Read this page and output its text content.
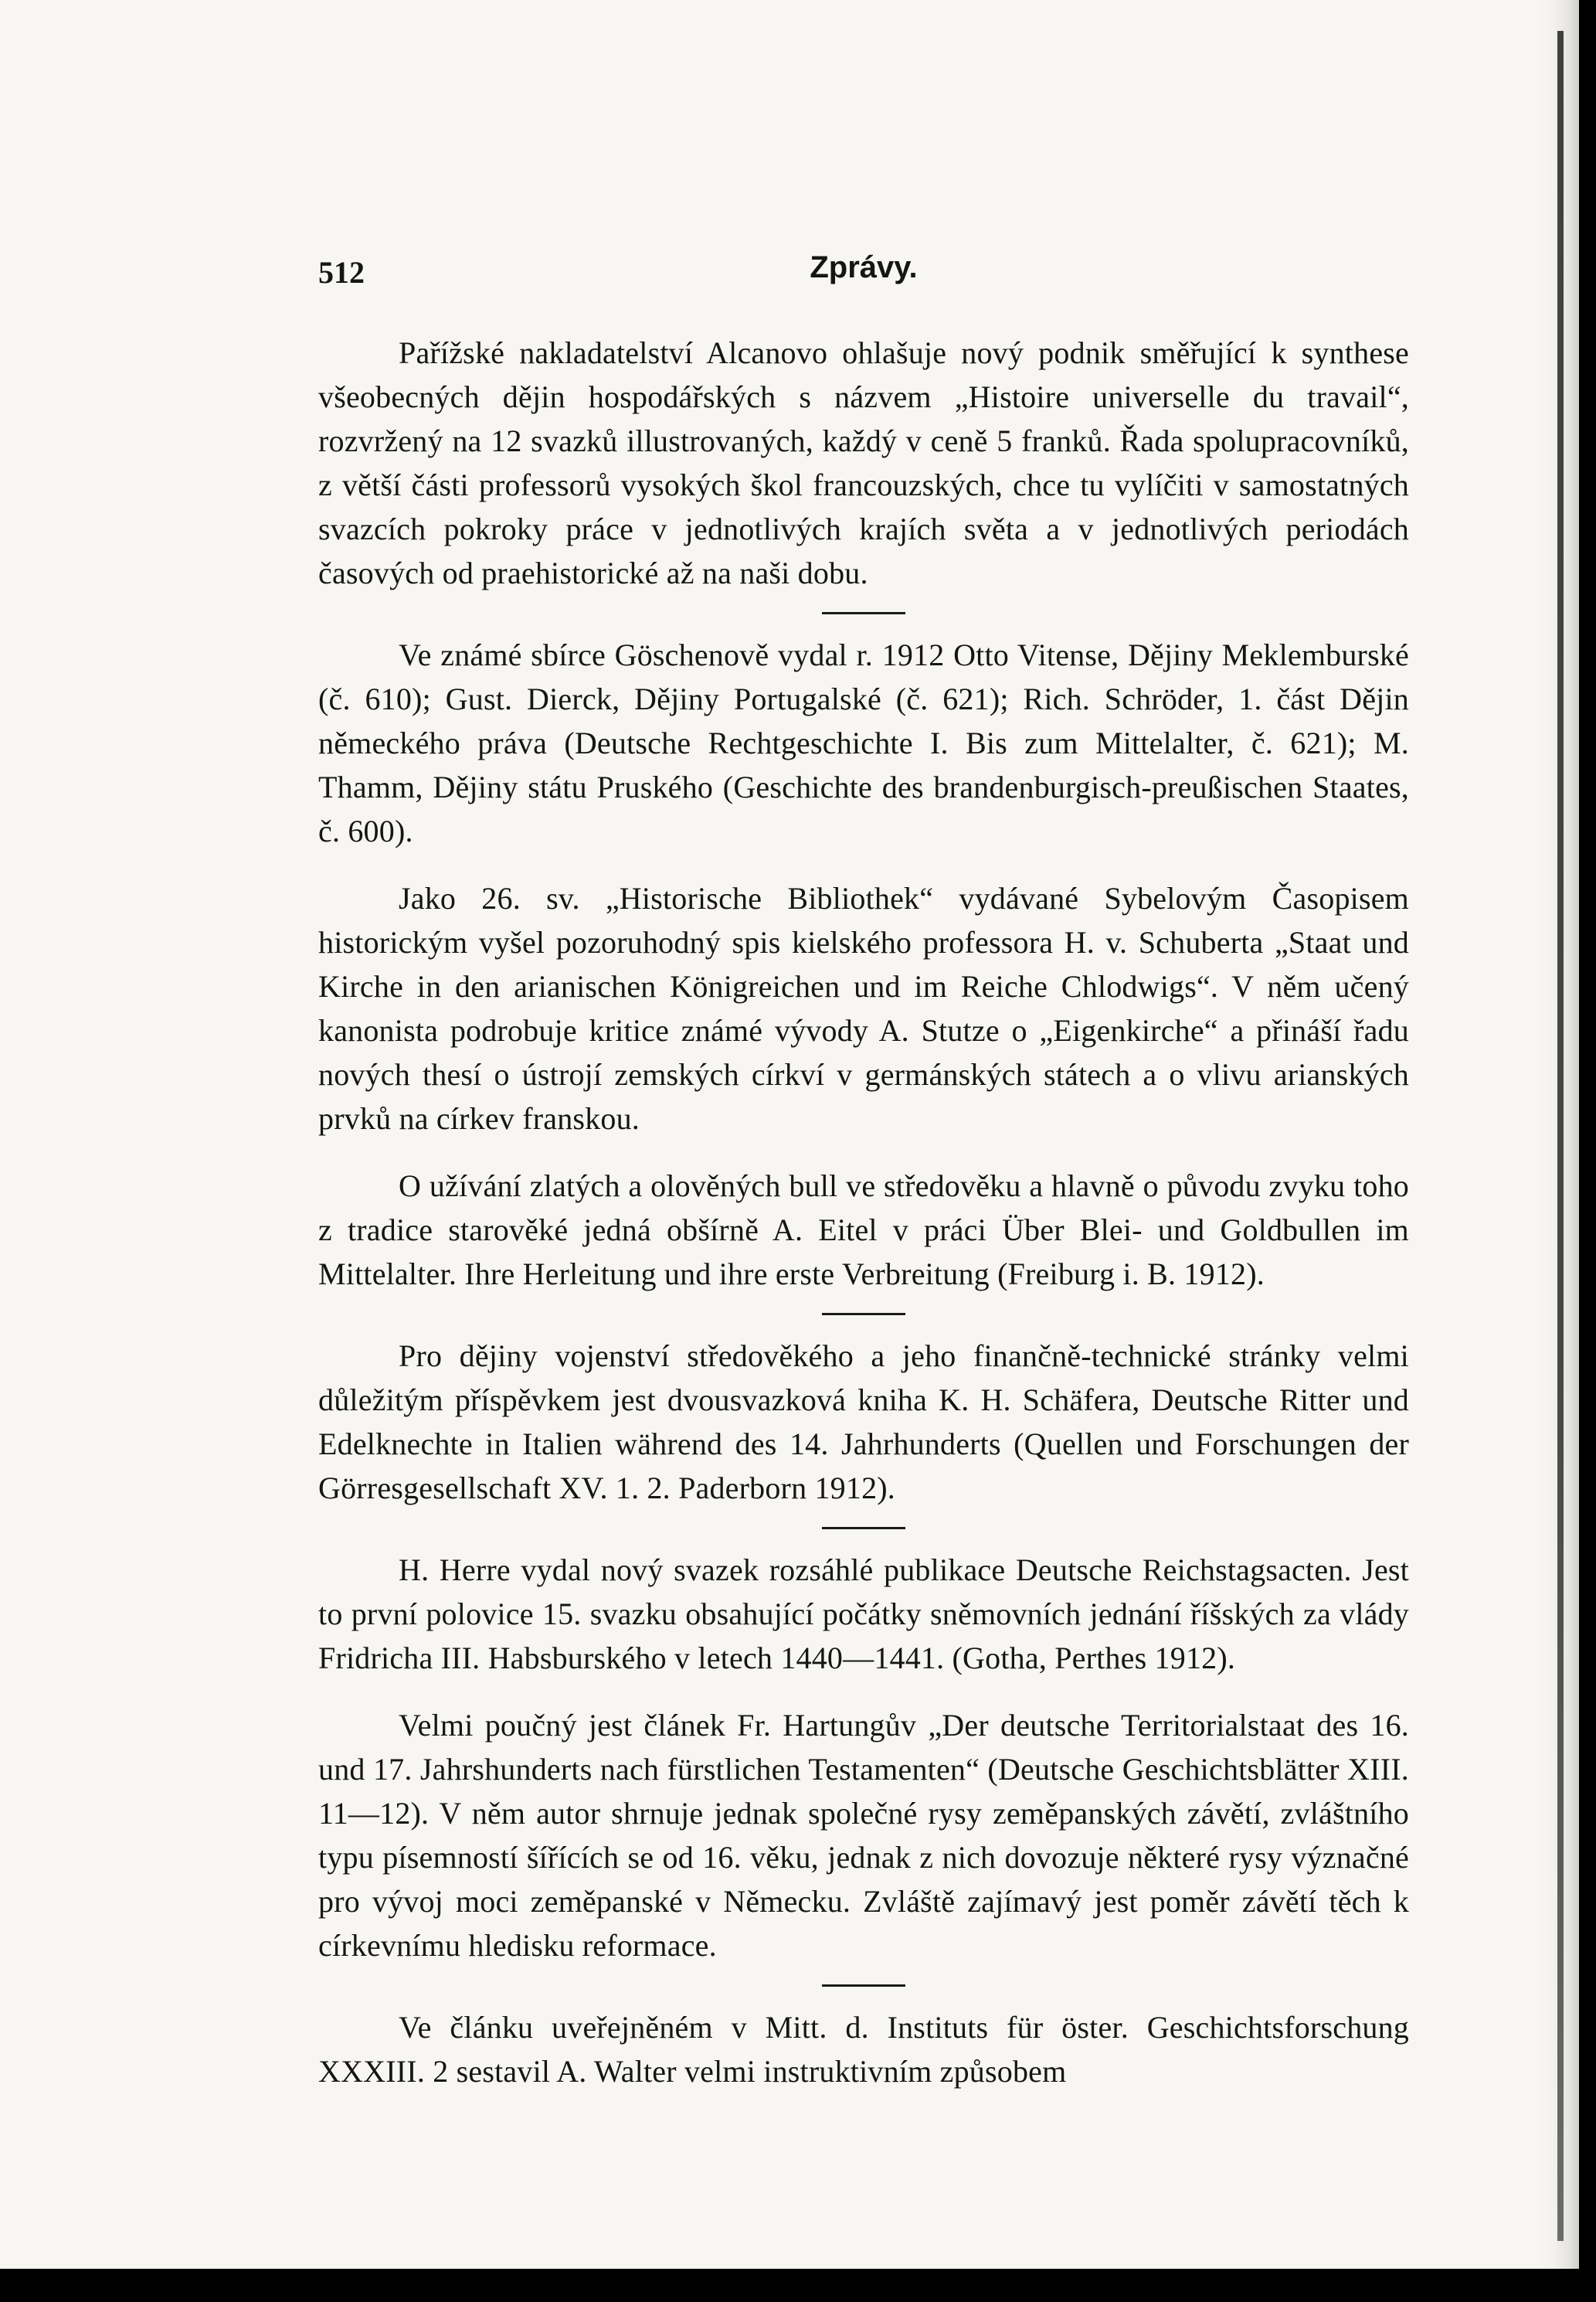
512	Zprávy.

Pařížské nakladatelství Alcanovo ohlašuje nový podnik směřující k synthese všeobecných dějin hospodářských s názvem „Histoire universelle du travail“, rozvržený na 12 svazků illustrovaných, každý v ceně 5 franků. Řada spolupracovníků, z větší části professorů vysokých škol francouzských, chce tu vylíčiti v samostatných svazcích pokroky práce v jednotlivých krajích světa a v jednotlivých periodách časových od praehistorické až na naši dobu.

Ve známé sbírce Göschenově vydal r. 1912 Otto Vitense, Dějiny Meklemburské (č. 610); Gust. Dierck, Dějiny Portugalské (č. 621); Rich. Schröder, 1. část Dějin německého práva (Deutsche Rechtgeschichte I. Bis zum Mittelalter, č. 621); M. Thamm, Dějiny státu Pruského (Geschichte des brandenburgisch-preußischen Staates, č. 600).

Jako 26. sv. „Historische Bibliothek“ vydávané Sybelovým Časopisem historickým vyšel pozoruhodný spis kielského professora H. v. Schuberta „Staat und Kirche in den arianischen Königreichen und im Reiche Chlodwigs“. V něm učený kanonista podrobuje kritice známé vývody A. Stutze o „Eigenkirche“ a přináší řadu nových thesí o ústrojí zemských církví v germánských státech a o vlivu arianských prvků na církev franskou.

O užívání zlatých a olověných bull ve středověku a hlavně o původu zvyku toho z tradice starověké jedná obšírně A. Eitel v práci Über Blei- und Goldbullen im Mittelalter. Ihre Herleitung und ihre erste Verbreitung (Freiburg i. B. 1912).

Pro dějiny vojenství středověkého a jeho finančně-technické stránky velmi důležitým příspěvkem jest dvousvazková kniha K. H. Schäfera, Deutsche Ritter und Edelknechte in Italien während des 14. Jahrhunderts (Quellen und Forschungen der Görresgesellschaft XV. 1. 2. Paderborn 1912).

H. Herre vydal nový svazek rozsáhlé publikace Deutsche Reichstagsacten. Jest to první polovice 15. svazku obsahující počátky sněmovních jednání říšských za vlády Fridricha III. Habsburského v letech 1440—1441. (Gotha, Perthes 1912).

Velmi poučný jest článek Fr. Hartungův „Der deutsche Territorialstaat des 16. und 17. Jahrshunderts nach fürstlichen Testamenten“ (Deutsche Geschichtsblätter XIII. 11—12). V něm autor shrnuje jednak společné rysy zeměpanských závětí, zvláštního typu písemností šířících se od 16. věku, jednak z nich dovozuje některé rysy význačné pro vývoj moci zeměpanské v Německu. Zvláště zajímavý jest poměr závětí těch k církevnímu hledisku reformace.

Ve článku uveřejněném v Mitt. d. Instituts für öster. Geschichtsforschung XXXIII. 2 sestavil A. Walter velmi instruktivním způsobem
